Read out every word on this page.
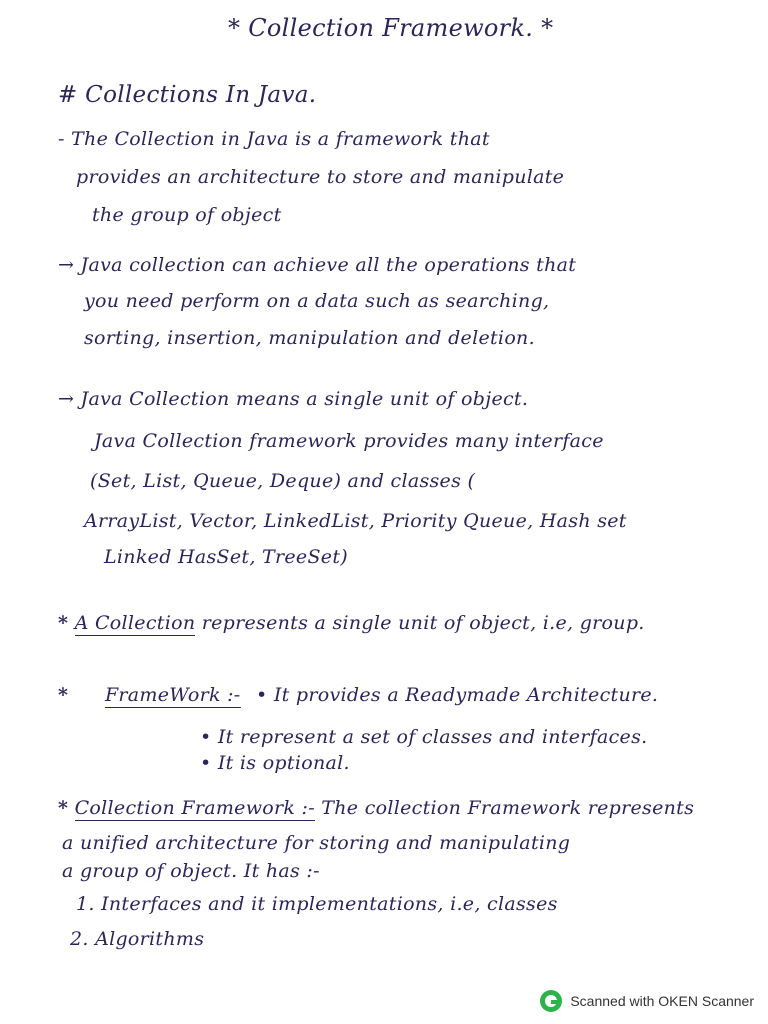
* Collection Framework. *
# Collections In Java.
- The Collection in Java is a framework that
provides an architecture to store and manipulate
the group of object
→ Java collection can achieve all the operations that
you need perform on a data such as searching,
sorting, insertion, manipulation and deletion.
→ Java Collection means a single unit of object.
Java Collection framework provides many interface
(Set, List, Queue, Deque) and classes (
ArrayList, Vector, LinkedList, Priority Queue, Hash set
Linked HasSet, TreeSet)
* A Collection represents a single unit of object, i.e, group.
* FrameWork :- • It provides a Readymade Architecture.
• It represent a set of classes and interfaces.
• It is optional.
* Collection Framework :- The collection Framework represents
a unified architecture for storing and manipulating
a group of object. It has :-
1. Interfaces and it implementations, i.e, classes
2. Algorithms
Scanned with OKEN Scanner
